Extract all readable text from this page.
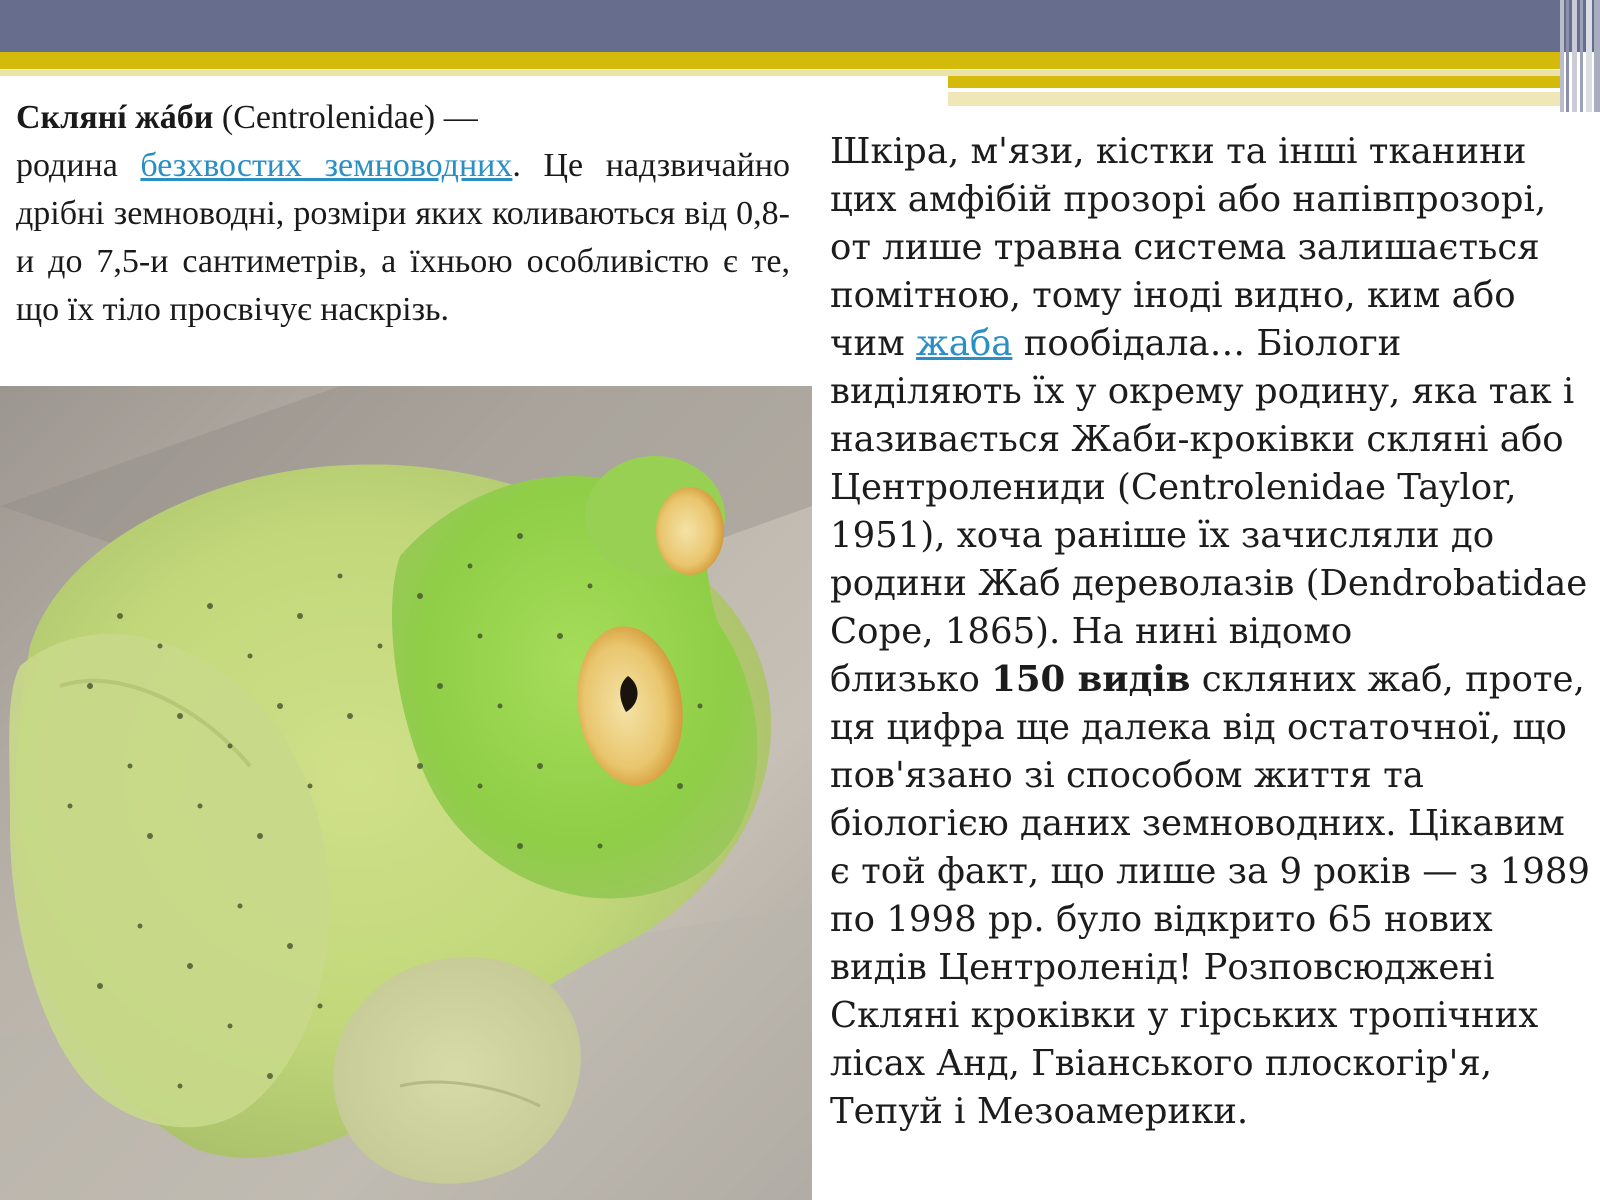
Склянí жáби (Centrolenidae) —
родина безхвостих земноводних. Це надзвичайно дрібні земноводні, розміри яких коливаються від 0,8-и до 7,5-и сантиметрів, а їхньою особливістю є те, що їх тіло просвічує наскрізь.
Шкіра, м'язи, кістки та інші тканини
цих амфібій прозорі або напівпрозорі,
от лише травна система залишається
помітною, тому іноді видно, ким або
чим жаба пообідала… Біологи
виділяють їх у окрему родину, яка так і
називається Жаби-кроківки скляні або
Центролениди (Centrolenidae Taylor,
1951), хоча раніше їх зачисляли до
родини Жаб дереволазів (Dendrobatidae
Cope, 1865). На нині відомо
близько 150 видів скляних жаб, проте,
ця цифра ще далека від остаточної, що
пов'язано зі способом життя та
біологією даних земноводних. Цікавим
є той факт, що лише за 9 років — з 1989
по 1998 рр. було відкрито 65 нових
видів Центроленід! Розповсюджені
Скляні кроківки у гірських тропічних
лісах Анд, Гвіанського плоскогір'я,
Тепуй і Мезоамерики.
